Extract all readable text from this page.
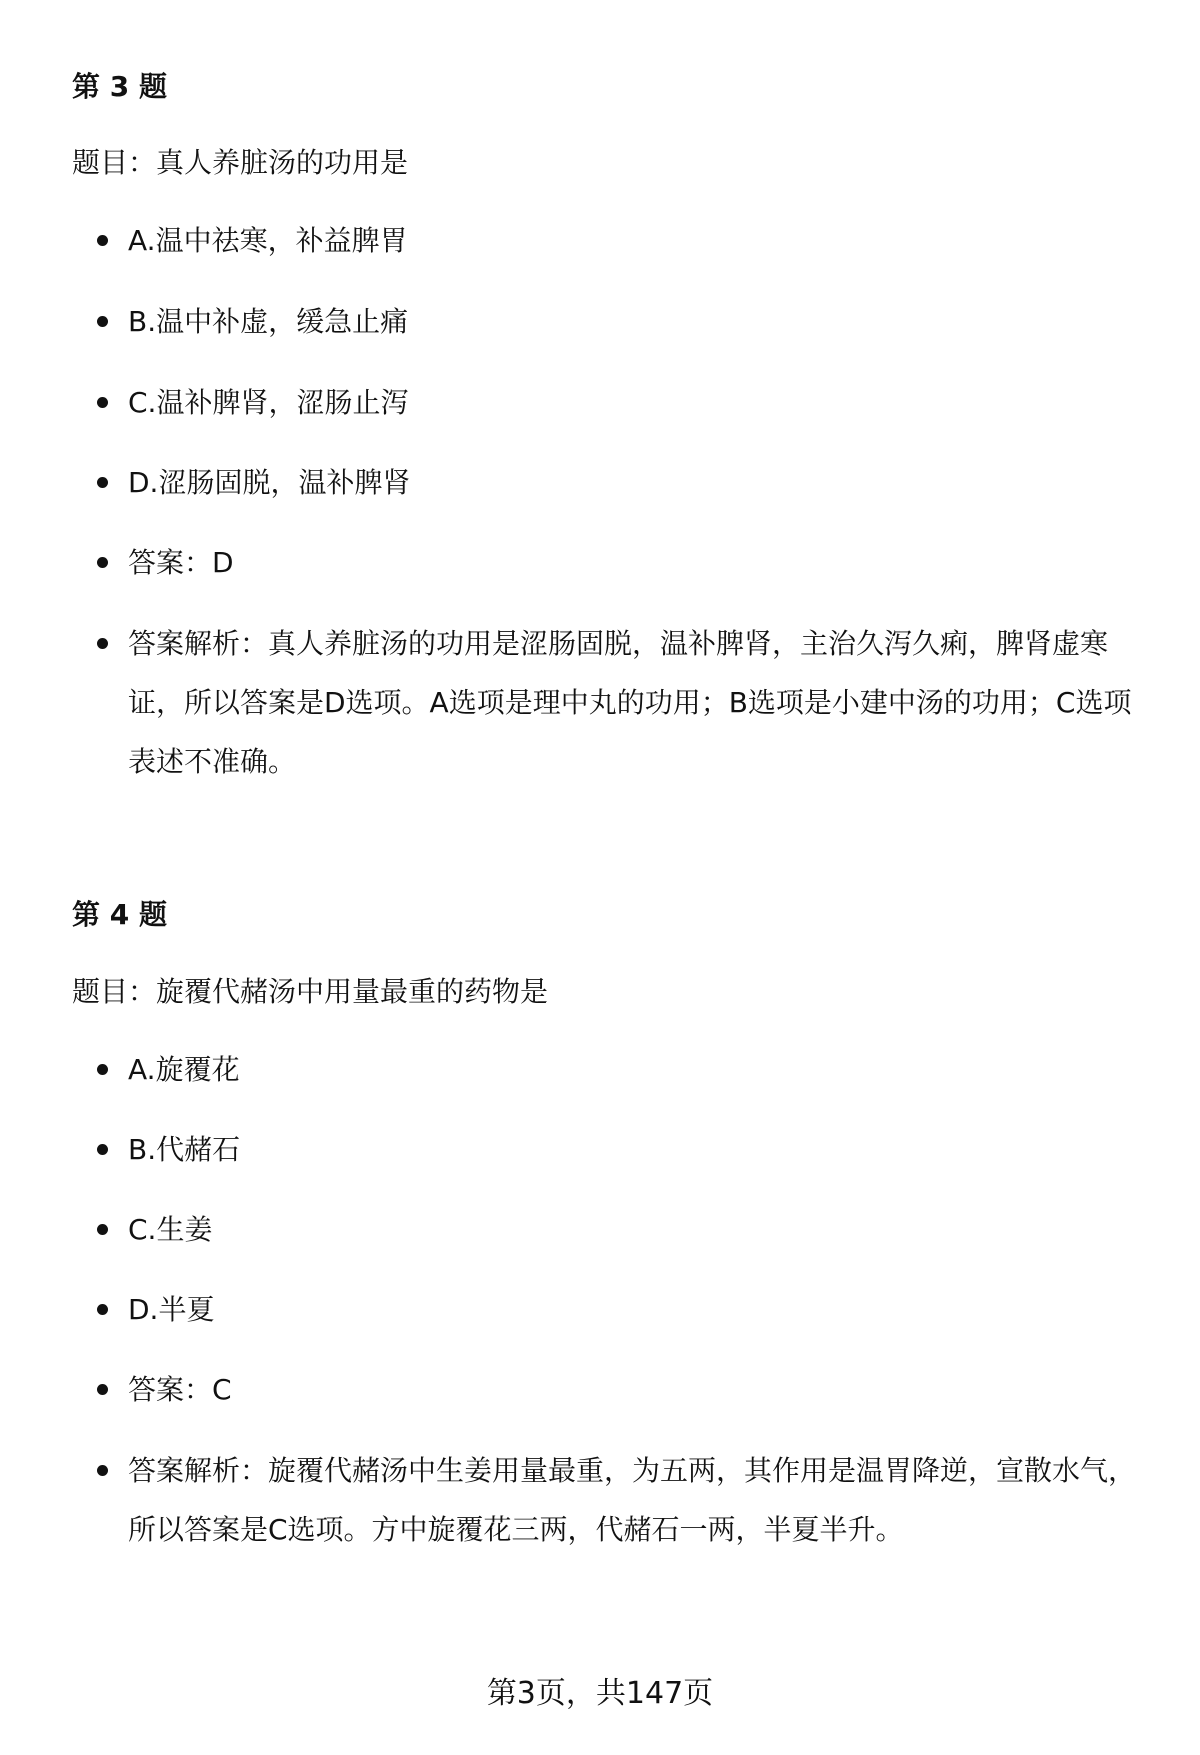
第 3 题

题目：真人养脏汤的功用是

A.温中祛寒，补益脾胃
B.温中补虚，缓急止痛
C.温补脾肾，涩肠止泻
D.涩肠固脱，温补脾肾
答案：D
答案解析：真人养脏汤的功用是涩肠固脱，温补脾肾，主治久泻久痢，脾肾虚寒证，所以答案是D选项。A选项是理中丸的功用；B选项是小建中汤的功用；C选项表述不准确。
第 4 题

题目：旋覆代赭汤中用量最重的药物是

A.旋覆花
B.代赭石
C.生姜
D.半夏
答案：C
答案解析：旋覆代赭汤中生姜用量最重，为五两，其作用是温胃降逆，宣散水气，所以答案是C选项。方中旋覆花三两，代赭石一两，半夏半升。

第3页，共147页
